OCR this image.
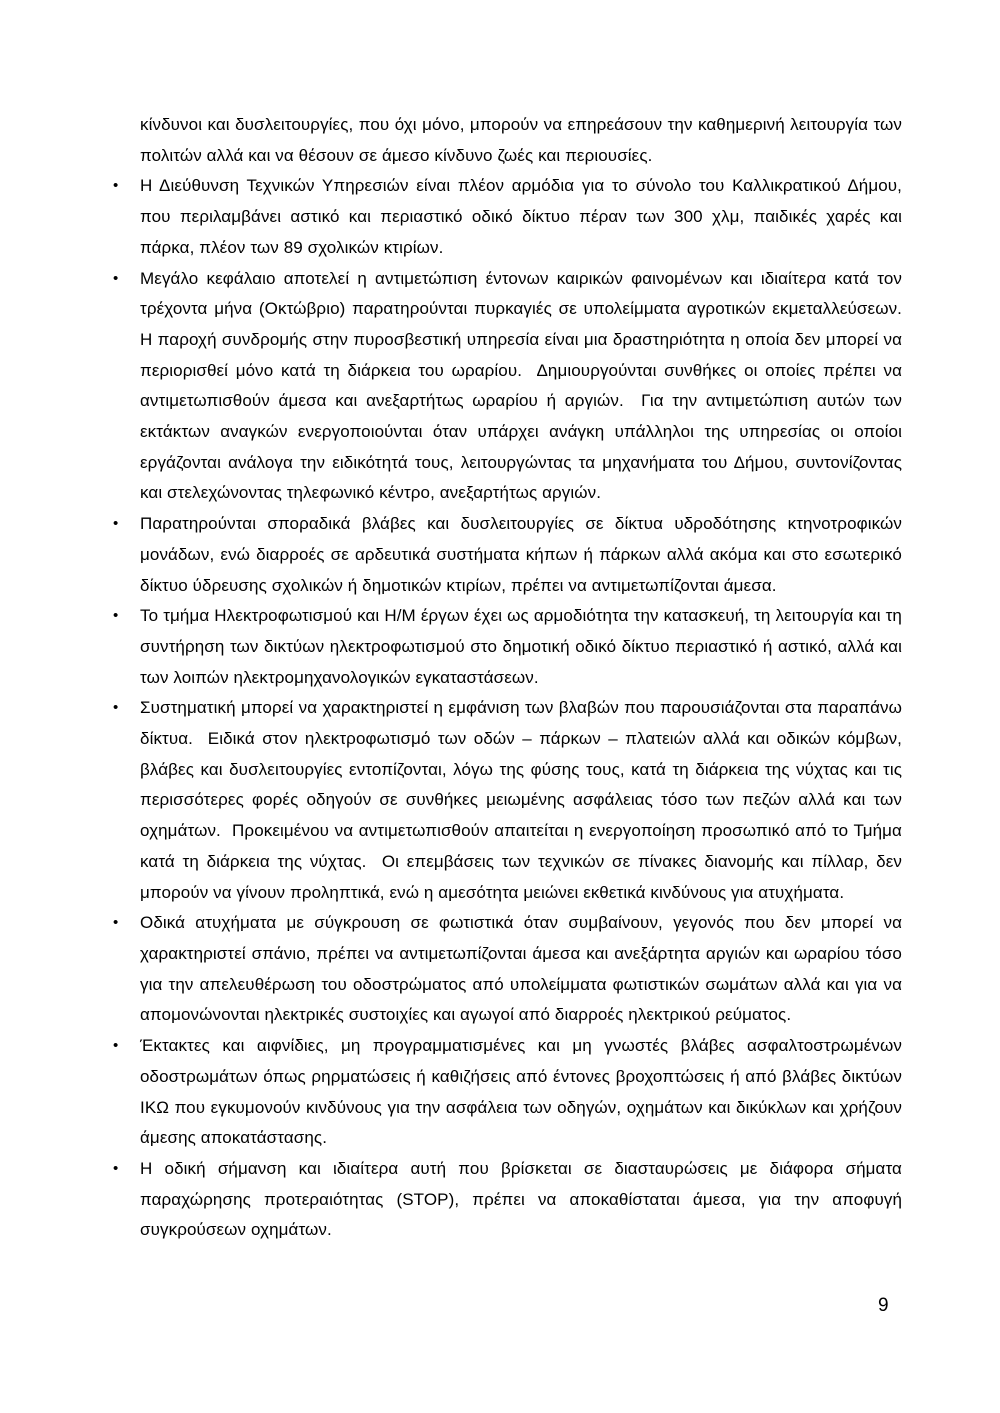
κίνδυνοι και δυσλειτουργίες, που όχι μόνο, μπορούν να επηρεάσουν την καθημερινή λειτουργία των πολιτών αλλά και να θέσουν σε άμεσο κίνδυνο ζωές και περιουσίες.

• Η Διεύθυνση Τεχνικών Υπηρεσιών είναι πλέον αρμόδια για το σύνολο του Καλλικρατικού Δήμου, που περιλαμβάνει αστικό και περιαστικό οδικό δίκτυο πέραν των 300 χλμ, παιδικές χαρές και πάρκα, πλέον των 89 σχολικών κτιρίων.
• Μεγάλο κεφάλαιο αποτελεί η αντιμετώπιση έντονων καιρικών φαινομένων και ιδιαίτερα κατά τον τρέχοντα μήνα (Οκτώβριο) παρατηρούνται πυρκαγιές σε υπολείμματα αγροτικών εκμεταλλεύσεων.  Η παροχή συνδρομής στην πυροσβεστική υπηρεσία είναι μια δραστηριότητα η οποία δεν μπορεί να περιορισθεί μόνο κατά τη διάρκεια του ωραρίου.  Δημιουργούνται συνθήκες οι οποίες πρέπει να αντιμετωπισθούν άμεσα και ανεξαρτήτως ωραρίου ή αργιών.  Για την αντιμετώπιση αυτών των εκτάκτων αναγκών ενεργοποιούνται όταν υπάρχει ανάγκη υπάλληλοι της υπηρεσίας οι οποίοι εργάζονται ανάλογα την ειδικότητά τους, λειτουργώντας τα μηχανήματα του Δήμου, συντονίζοντας και στελεχώνοντας τηλεφωνικό κέντρο, ανεξαρτήτως αργιών.
• Παρατηρούνται σποραδικά βλάβες και δυσλειτουργίες σε δίκτυα υδροδότησης κτηνοτροφικών μονάδων, ενώ διαρροές σε αρδευτικά συστήματα κήπων ή πάρκων αλλά ακόμα και στο εσωτερικό δίκτυο ύδρευσης σχολικών ή δημοτικών κτιρίων, πρέπει να αντιμετωπίζονται άμεσα.
• Το τμήμα Ηλεκτροφωτισμού και Η/Μ έργων έχει ως αρμοδιότητα την κατασκευή, τη λειτουργία και τη συντήρηση των δικτύων ηλεκτροφωτισμού στο δημοτική οδικό δίκτυο περιαστικό ή αστικό, αλλά και των λοιπών ηλεκτρομηχανολογικών εγκαταστάσεων.
• Συστηματική μπορεί να χαρακτηριστεί η εμφάνιση των βλαβών που παρουσιάζονται στα παραπάνω δίκτυα.  Ειδικά στον ηλεκτροφωτισμό των οδών – πάρκων – πλατειών αλλά και οδικών κόμβων, βλάβες και δυσλειτουργίες εντοπίζονται, λόγω της φύσης τους, κατά τη διάρκεια της νύχτας και τις περισσότερες φορές οδηγούν σε συνθήκες μειωμένης ασφάλειας τόσο των πεζών αλλά και των οχημάτων.  Προκειμένου να αντιμετωπισθούν απαιτείται η ενεργοποίηση προσωπικό από το Τμήμα κατά τη διάρκεια της νύχτας.  Οι επεμβάσεις των τεχνικών σε πίνακες διανομής και πίλλαρ, δεν μπορούν να γίνουν προληπτικά, ενώ η αμεσότητα μειώνει εκθετικά κινδύνους για ατυχήματα.
• Οδικά ατυχήματα με σύγκρουση σε φωτιστικά όταν συμβαίνουν, γεγονός που δεν μπορεί να χαρακτηριστεί σπάνιο, πρέπει να αντιμετωπίζονται άμεσα και ανεξάρτητα αργιών και ωραρίου τόσο για την απελευθέρωση του οδοστρώματος από υπολείμματα φωτιστικών σωμάτων αλλά και για να απομονώνονται ηλεκτρικές συστοιχίες και αγωγοί από διαρροές ηλεκτρικού ρεύματος.
• Έκτακτες και αιφνίδιες, μη προγραμματισμένες και μη γνωστές βλάβες ασφαλτοστρωμένων οδοστρωμάτων όπως ρηρματώσεις ή καθιζήσεις από έντονες βροχοπτώσεις ή από βλάβες δικτύων ΙΚΩ που εγκυμονούν κινδύνους για την ασφάλεια των οδηγών, οχημάτων και δικύκλων και χρήζουν άμεσης αποκατάστασης.
• Η οδική σήμανση και ιδιαίτερα αυτή που βρίσκεται σε διασταυρώσεις με διάφορα σήματα παραχώρησης προτεραιότητας (STOP), πρέπει να αποκαθίσταται άμεσα, για την αποφυγή συγκρούσεων οχημάτων.
9
